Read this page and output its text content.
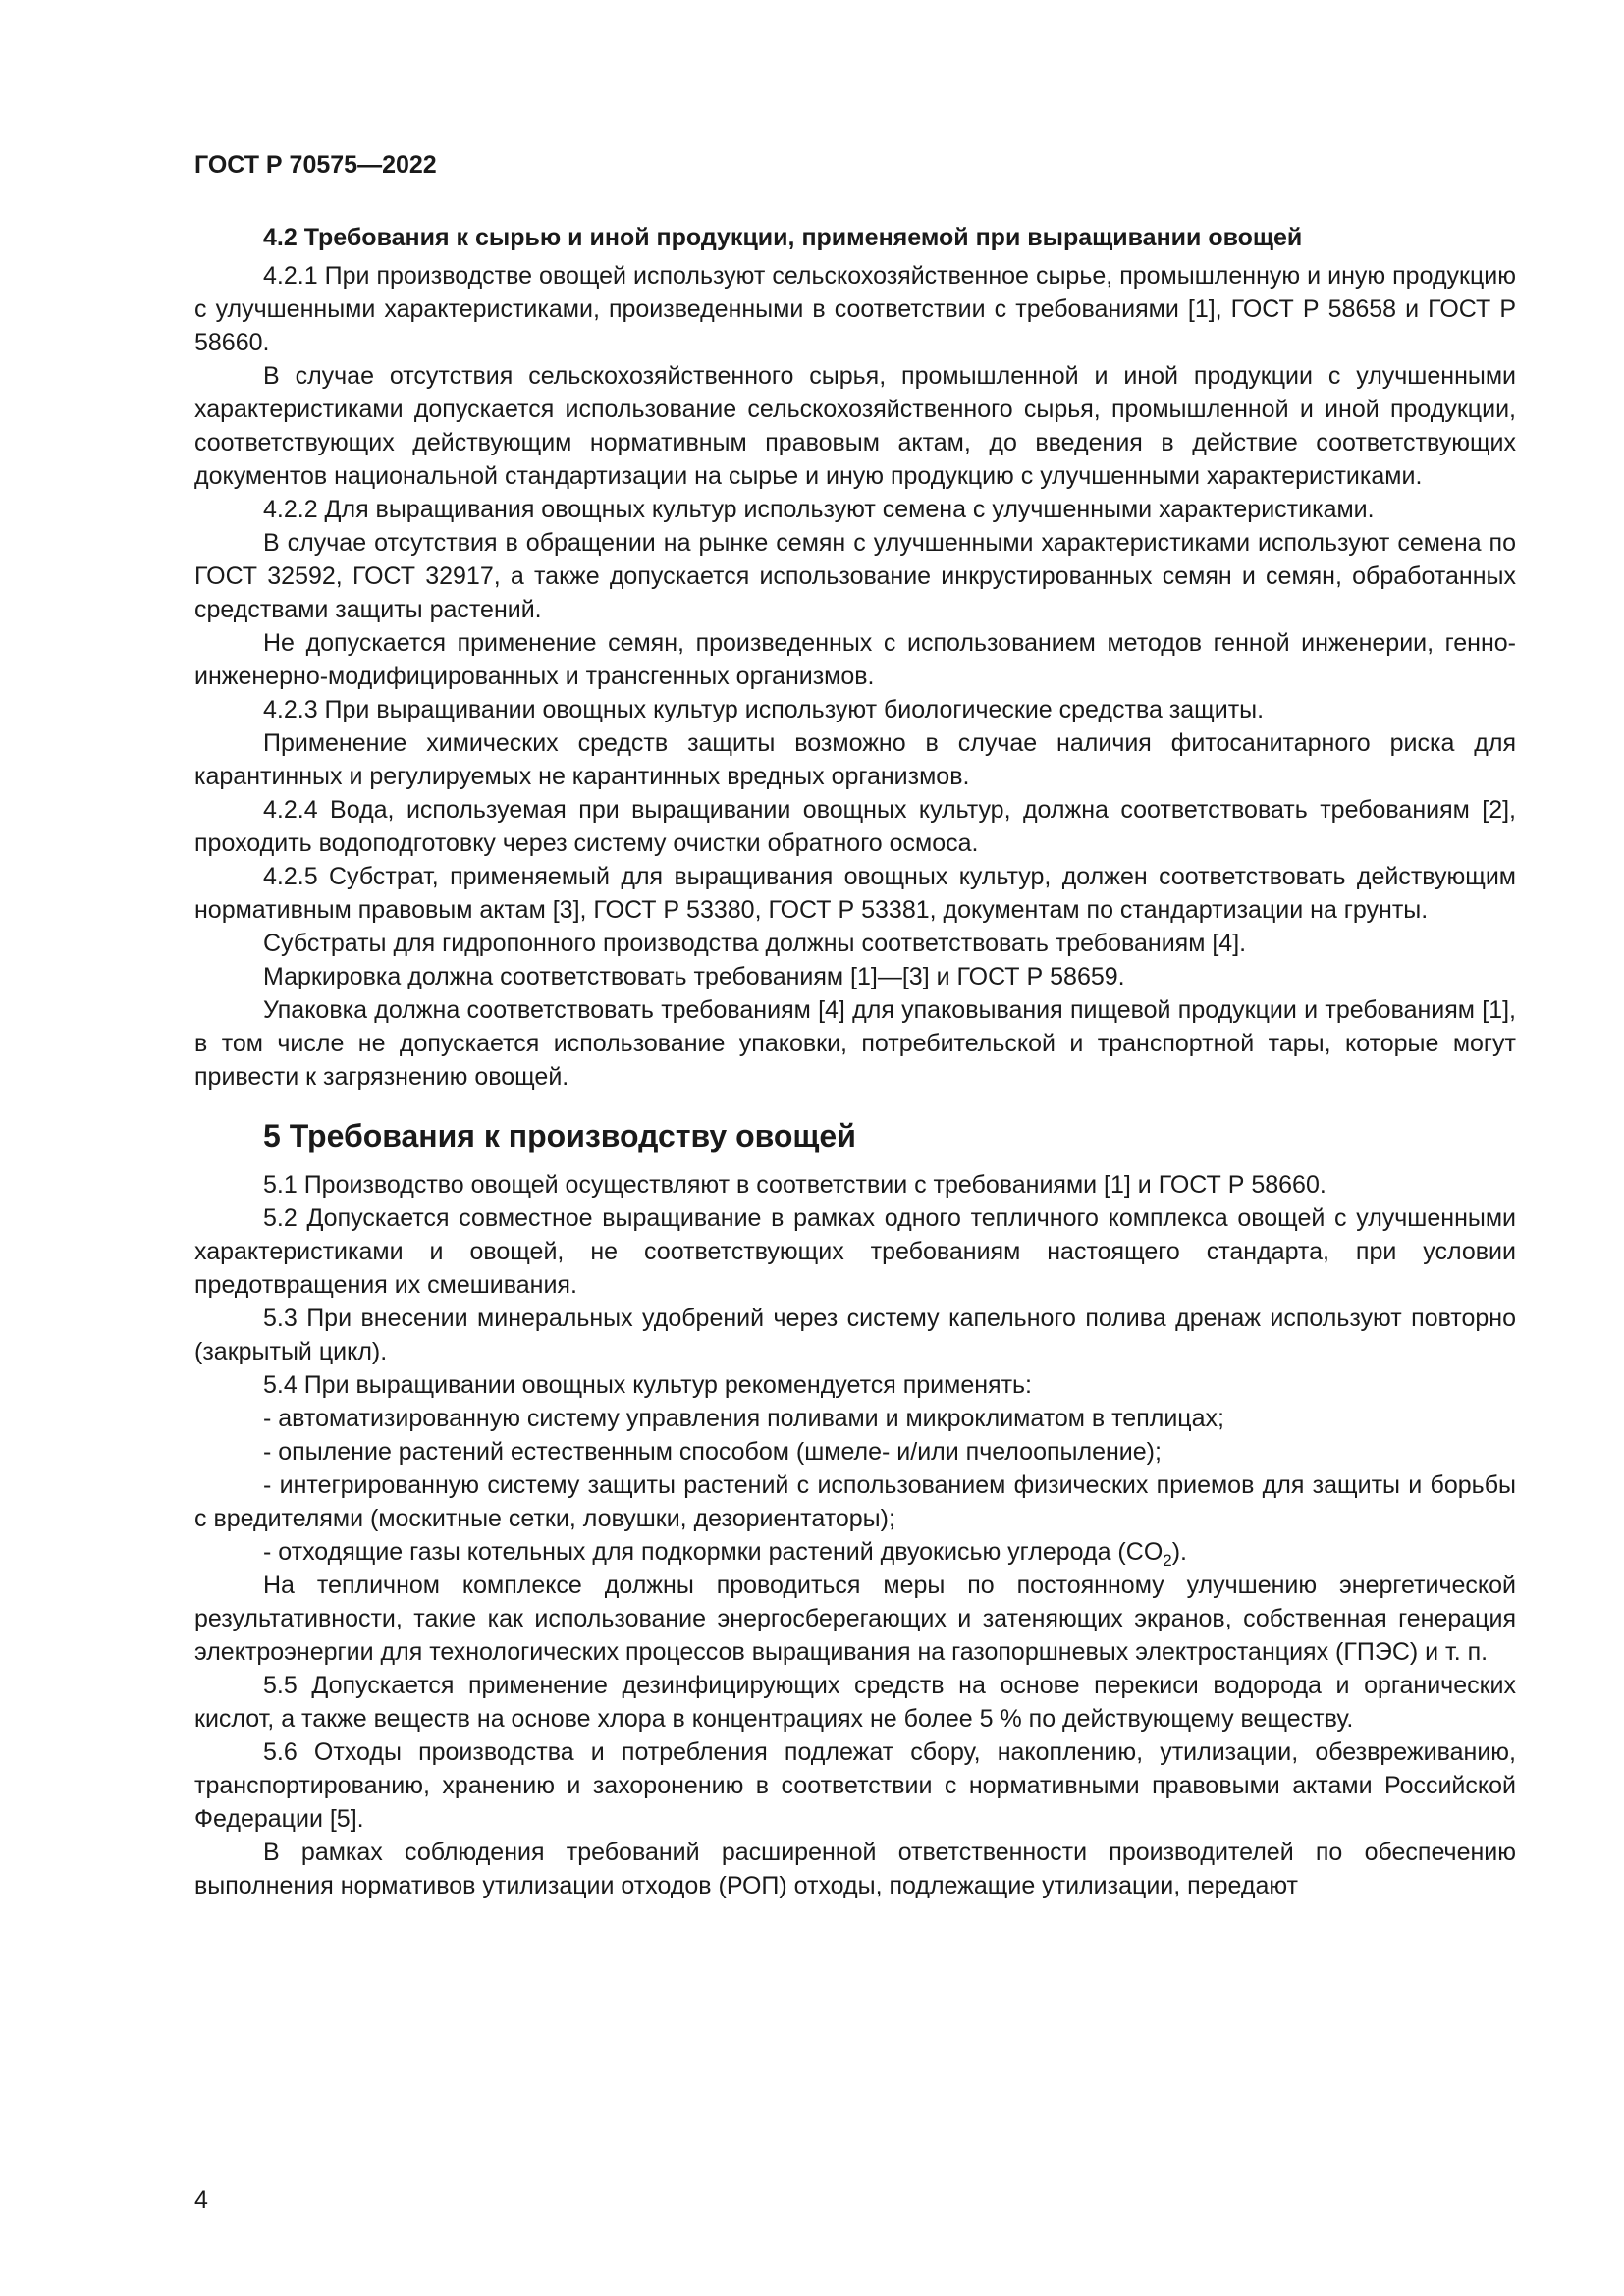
ГОСТ Р 70575—2022

4.2 Требования к сырью и иной продукции, применяемой при выращивании овощей

4.2.1 При производстве овощей используют сельскохозяйственное сырье, промышленную и иную продукцию с улучшенными характеристиками, произведенными в соответствии с требованиями [1], ГОСТ Р 58658 и ГОСТ Р 58660.

В случае отсутствия сельскохозяйственного сырья, промышленной и иной продукции с улучшенными характеристиками допускается использование сельскохозяйственного сырья, промышленной и иной продукции, соответствующих действующим нормативным правовым актам, до введения в действие соответствующих документов национальной стандартизации на сырье и иную продукцию с улучшенными характеристиками.

4.2.2 Для выращивания овощных культур используют семена с улучшенными характеристиками.

В случае отсутствия в обращении на рынке семян с улучшенными характеристиками используют семена по ГОСТ 32592, ГОСТ 32917, а также допускается использование инкрустированных семян и семян, обработанных средствами защиты растений.

Не допускается применение семян, произведенных с использованием методов генной инженерии, генно-инженерно-модифицированных и трансгенных организмов.

4.2.3 При выращивании овощных культур используют биологические средства защиты.

Применение химических средств защиты возможно в случае наличия фитосанитарного риска для карантинных и регулируемых не карантинных вредных организмов.

4.2.4 Вода, используемая при выращивании овощных культур, должна соответствовать требованиям [2], проходить водоподготовку через систему очистки обратного осмоса.

4.2.5 Субстрат, применяемый для выращивания овощных культур, должен соответствовать действующим нормативным правовым актам [3], ГОСТ Р 53380, ГОСТ Р 53381, документам по стандартизации на грунты.

Субстраты для гидропонного производства должны соответствовать требованиям [4].

Маркировка должна соответствовать требованиям [1]—[3] и ГОСТ Р 58659.

Упаковка должна соответствовать требованиям [4] для упаковывания пищевой продукции и требованиям [1], в том числе не допускается использование упаковки, потребительской и транспортной тары, которые могут привести к загрязнению овощей.

5 Требования к производству овощей

5.1 Производство овощей осуществляют в соответствии с требованиями [1] и ГОСТ Р 58660.

5.2 Допускается совместное выращивание в рамках одного тепличного комплекса овощей с улучшенными характеристиками и овощей, не соответствующих требованиям настоящего стандарта, при условии предотвращения их смешивания.

5.3 При внесении минеральных удобрений через систему капельного полива дренаж используют повторно (закрытый цикл).

5.4 При выращивании овощных культур рекомендуется применять:

- автоматизированную систему управления поливами и микроклиматом в теплицах;

- опыление растений естественным способом (шмеле- и/или пчелоопыление);

- интегрированную систему защиты растений с использованием физических приемов для защиты и борьбы с вредителями (москитные сетки, ловушки, дезориентаторы);

- отходящие газы котельных для подкормки растений двуокисью углерода $(CO_2)$.

На тепличном комплексе должны проводиться меры по постоянному улучшению энергетической результативности, такие как использование энергосберегающих и затеняющих экранов, собственная генерация электроэнергии для технологических процессов выращивания на газопоршневых электростанциях (ГПЭС) и т. п.

5.5 Допускается применение дезинфицирующих средств на основе перекиси водорода и органических кислот, а также веществ на основе хлора в концентрациях не более 5 % по действующему веществу.

5.6 Отходы производства и потребления подлежат сбору, накоплению, утилизации, обезвреживанию, транспортированию, хранению и захоронению в соответствии с нормативными правовыми актами Российской Федерации [5].

В рамках соблюдения требований расширенной ответственности производителей по обеспечению выполнения нормативов утилизации отходов (РОП) отходы, подлежащие утилизации, передают

4
